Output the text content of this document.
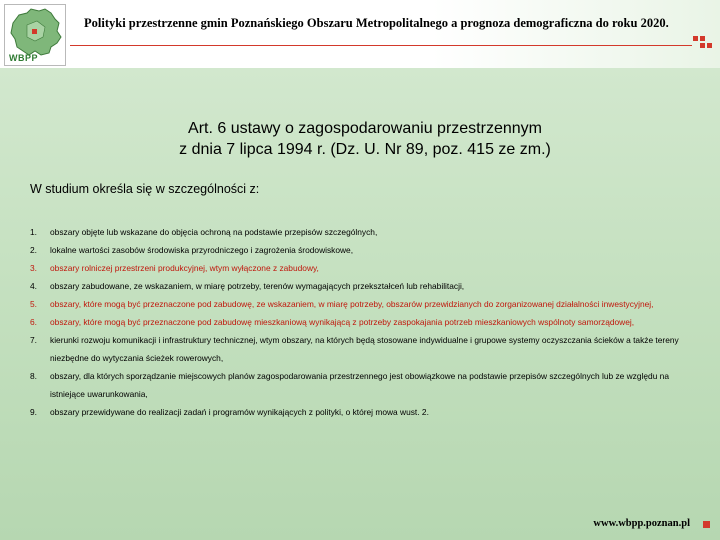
WBPP
Polityki przestrzenne gmin Poznańskiego Obszaru Metropolitalnego a prognoza demograficzna do roku 2020.
Art. 6 ustawy o zagospodarowaniu przestrzennym
z dnia 7 lipca 1994 r. (Dz. U. Nr 89, poz. 415 ze zm.)
W studium określa się w szczególności z:
1. obszary objęte lub wskazane do objęcia ochroną na podstawie przepisów szczególnych,
2. lokalne wartości zasobów środowiska przyrodniczego i zagrożenia środowiskowe,
3. obszary rolniczej przestrzeni produkcyjnej, wtym wyłączone z zabudowy,
4. obszary zabudowane, ze wskazaniem, w miarę potrzeby, terenów wymagających przekształceń lub rehabilitacji,
5. obszary, które mogą być przeznaczone pod zabudowę, ze wskazaniem, w miarę potrzeby, obszarów przewidzianych do zorganizowanej działalności inwestycyjnej,
6. obszary, które mogą być przeznaczone pod zabudowę mieszkaniową wynikającą z potrzeby zaspokajania potrzeb mieszkaniowych wspólnoty samorządowej,
7. kierunki rozwoju komunikacji i infrastruktury technicznej, wtym obszary, na których będą stosowane indywidualne i grupowe systemy oczyszczania ścieków a także tereny niezbędne do wytyczania ścieżek rowerowych,
8. obszary, dla których sporządzanie miejscowych planów zagospodarowania przestrzennego jest obowiązkowe na podstawie przepisów szczególnych lub ze względu na istniejące uwarunkowania,
9. obszary przewidywane do realizacji zadań i programów wynikających z polityki, o której mowa wust. 2.
www.wbpp.poznan.pl
